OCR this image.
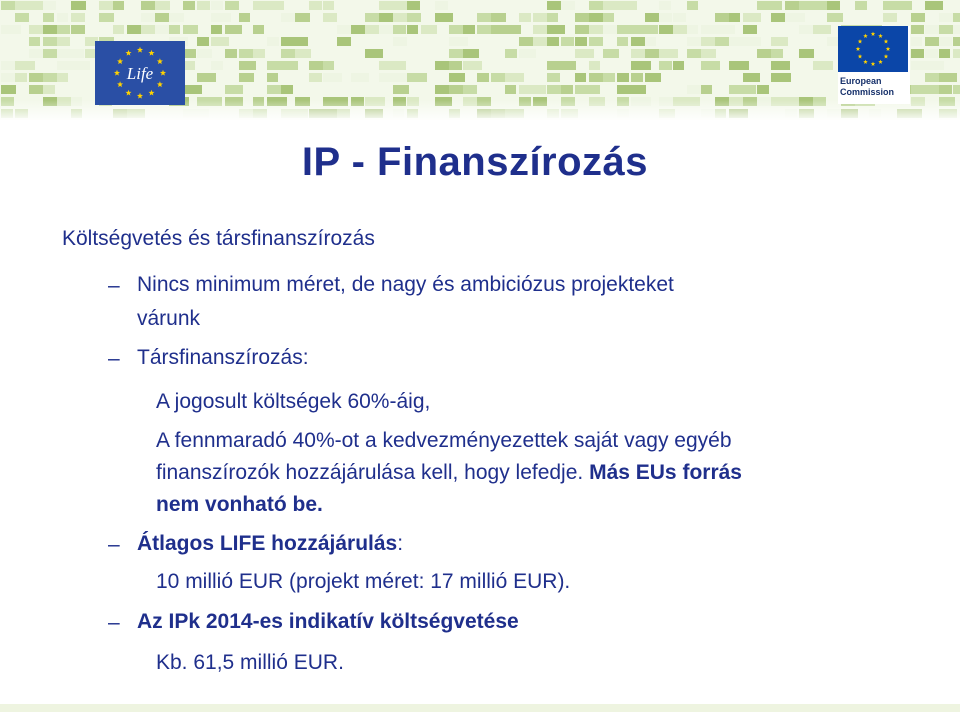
Life	European
Commission
IP - Finanszírozás
Költségvetés és társfinanszírozás
– Nincs minimum méret, de nagy és ambiciózus projekteket
várunk
– Társfinanszírozás:
A jogosult költségek 60%-áig,
A fennmaradó 40%-ot a kedvezményezettek saját vagy egyéb
finanszírozók hozzájárulása kell, hogy lefedje. Más EUs forrás
nem vonható be.
– Átlagos LIFE hozzájárulás:
10 millió EUR (projekt méret: 17 millió EUR).
– Az IPk 2014-es indikatív költségvetése
Kb. 61,5 millió EUR.
